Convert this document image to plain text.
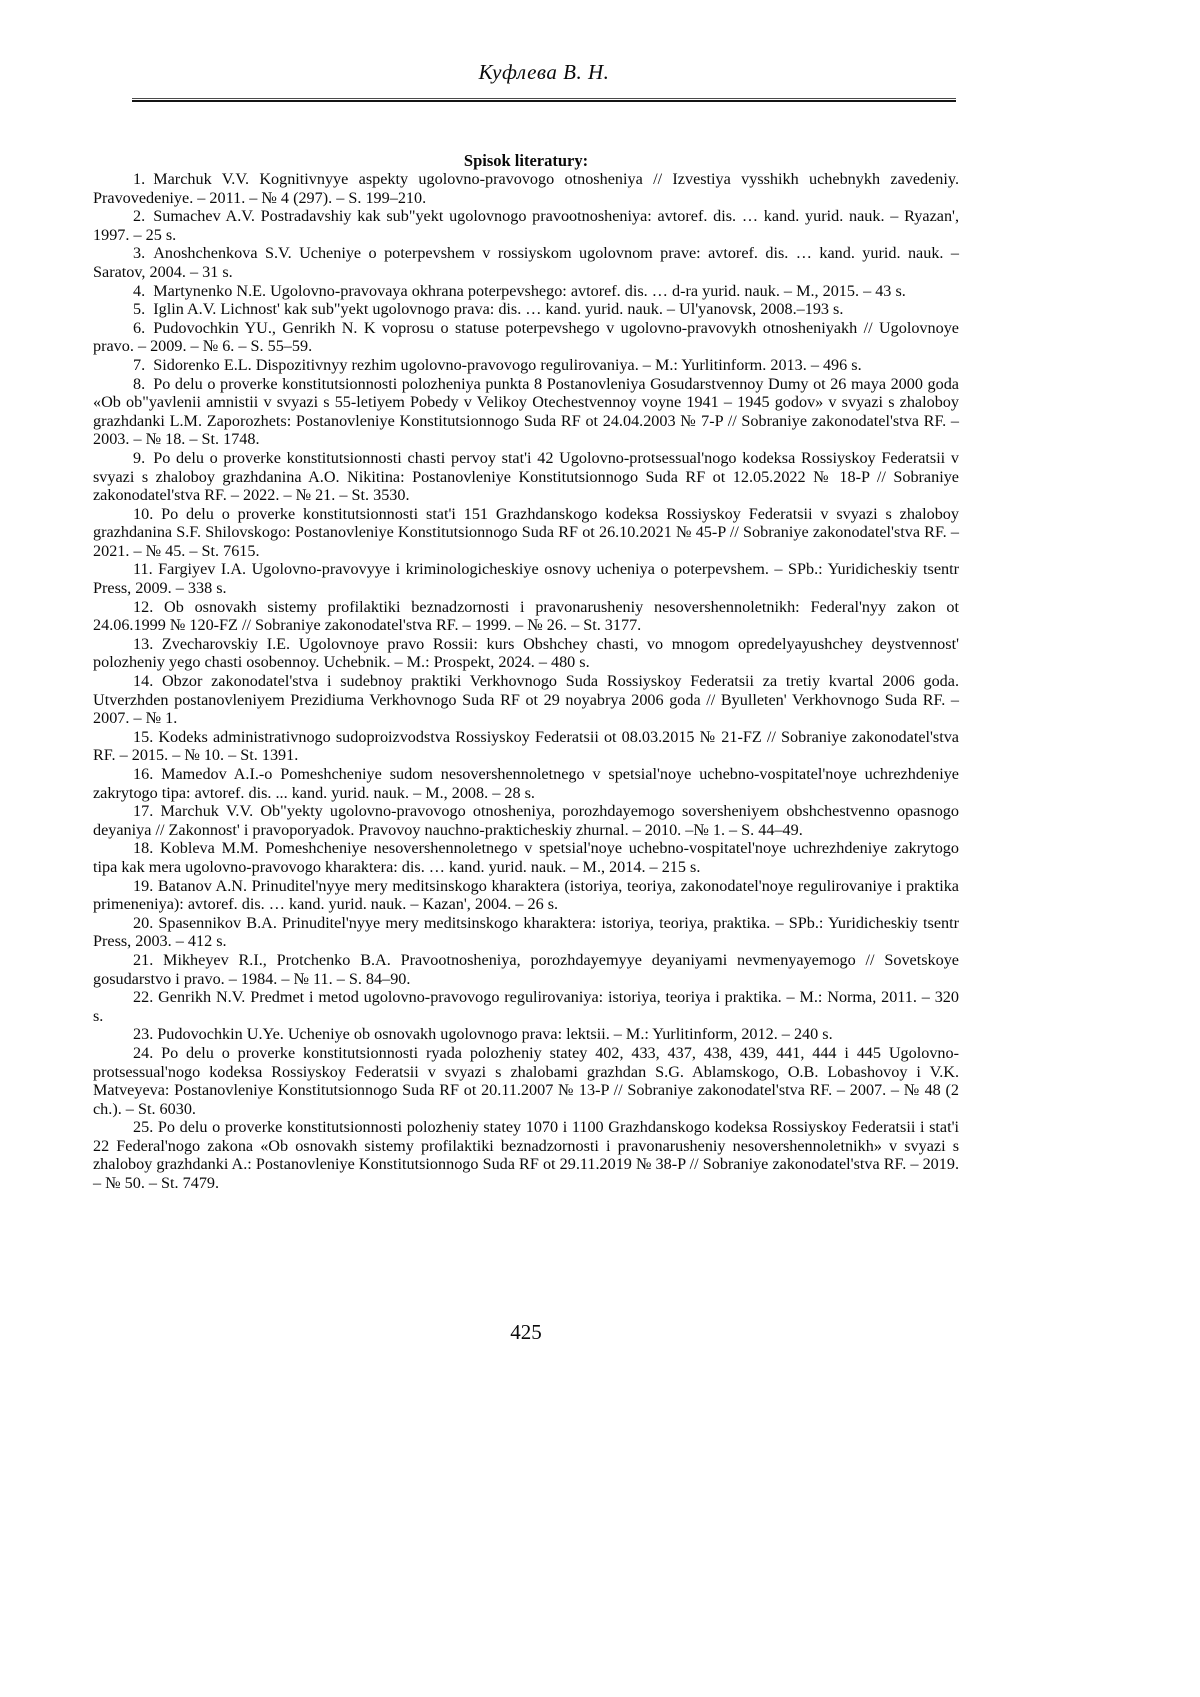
Куфлева В. Н.

Spisok literatury:

1. Marchuk V.V. Kognitivnyye aspekty ugolovno-pravovogo otnosheniya // Izvestiya vysshikh uchebnykh zavedeniy. Pravovedeniye. – 2011. – № 4 (297). – S. 199–210.

2. Sumachev A.V. Postradavshiy kak sub"yekt ugolovnogo pravootnosheniya: avtoref. dis. … kand. yurid. nauk. – Ryazan', 1997. – 25 s.

3. Anoshchenkova S.V. Ucheniye o poterpevshem v rossiyskom ugolovnom prave: avtoref. dis. … kand. yurid. nauk. – Saratov, 2004. – 31 s.

4. Martynenko N.E. Ugolovno-pravovaya okhrana poterpevshego: avtoref. dis. … d-ra yurid. nauk. – M., 2015. – 43 s.

5. Iglin A.V. Lichnost' kak sub"yekt ugolovnogo prava: dis. … kand. yurid. nauk. – Ul'yanovsk, 2008.–193 s.

6. Pudovochkin YU., Genrikh N. K voprosu o statuse poterpevshego v ugolovno-pravovykh otnosheniyakh // Ugolovnoye pravo. – 2009. – № 6. – S. 55–59.

7. Sidorenko E.L. Dispozitivnyy rezhim ugolovno-pravovogo regulirovaniya. – M.: Yurlitinform. 2013. – 496 s.

8. Po delu o proverke konstitutsionnosti polozheniya punkta 8 Postanovleniya Gosudarstvennoy Dumy ot 26 maya 2000 goda «Ob ob"yavlenii amnistii v svyazi s 55-letiyem Pobedy v Velikoy Otechestvennoy voyne 1941 – 1945 godov» v svyazi s zhaloboy grazhdanki L.M. Zaporozhets: Postanovleniye Konstitutsionnogo Suda RF ot 24.04.2003 № 7-P // Sobraniye zakonodatel'stva RF. – 2003. – № 18. – St. 1748.

9. Po delu o proverke konstitutsionnosti chasti pervoy stat'i 42 Ugolovno-protsessual'nogo kodeksa Rossiyskoy Federatsii v svyazi s zhaloboy grazhdanina A.O. Nikitina: Postanovleniye Konstitutsionnogo Suda RF ot 12.05.2022 № 18-P // Sobraniye zakonodatel'stva RF. – 2022. – № 21. – St. 3530.

10. Po delu o proverke konstitutsionnosti stat'i 151 Grazhdanskogo kodeksa Rossiyskoy Federatsii v svyazi s zhaloboy grazhdanina S.F. Shilovskogo: Postanovleniye Konstitutsionnogo Suda RF ot 26.10.2021 № 45-P // Sobraniye zakonodatel'stva RF. – 2021. – № 45. – St. 7615.

11. Fargiyev I.A. Ugolovno-pravovyye i kriminologicheskiye osnovy ucheniya o poterpevshem. – SPb.: Yuridicheskiy tsentr Press, 2009. – 338 s.

12. Ob osnovakh sistemy profilaktiki beznadzornosti i pravonarusheniy nesovershennoletnikh: Federal'nyy zakon ot 24.06.1999 № 120-FZ // Sobraniye zakonodatel'stva RF. – 1999. – № 26. – St. 3177.

13. Zvecharovskiy I.E. Ugolovnoye pravo Rossii: kurs Obshchey chasti, vo mnogom opredelyayushchey deystvennost' polozheniy yego chasti osobennoy. Uchebnik. – M.: Prospekt, 2024. – 480 s.

14. Obzor zakonodatel'stva i sudebnoy praktiki Verkhovnogo Suda Rossiyskoy Federatsii za tretiy kvartal 2006 goda. Utverzhden postanovleniyem Prezidiuma Verkhovnogo Suda RF ot 29 noyabrya 2006 goda // Byulleten' Verkhovnogo Suda RF. – 2007. – № 1.

15. Kodeks administrativnogo sudoproizvodstva Rossiyskoy Federatsii ot 08.03.2015 № 21-FZ // Sobraniye zakonodatel'stva RF. – 2015. – № 10. – St. 1391.

16. Mamedov A.I.-o Pomeshcheniye sudom nesovershennoletnego v spetsial'noye uchebno-vospitatel'noye uchrezhdeniye zakrytogo tipa: avtoref. dis. ... kand. yurid. nauk. – M., 2008. – 28 s.

17. Marchuk V.V. Ob"yekty ugolovno-pravovogo otnosheniya, porozhdayemogo soversheniyem obshchestvenno opasnogo deyaniya // Zakonnost' i pravoporyadok. Pravovoy nauchno-prakticheskiy zhurnal. – 2010. –№ 1. – S. 44–49.

18. Kobleva M.M. Pomeshcheniye nesovershennoletnego v spetsial'noye uchebno-vospitatel'noye uchrezhdeniye zakrytogo tipa kak mera ugolovno-pravovogo kharaktera: dis. … kand. yurid. nauk. – M., 2014. – 215 s.

19. Batanov A.N. Prinuditel'nyye mery meditsinskogo kharaktera (istoriya, teoriya, zakonodatel'noye regulirovaniye i praktika primeneniya): avtoref. dis. … kand. yurid. nauk. – Kazan', 2004. – 26 s.

20. Spasennikov B.A. Prinuditel'nyye mery meditsinskogo kharaktera: istoriya, teoriya, praktika. – SPb.: Yuridicheskiy tsentr Press, 2003. – 412 s.

21. Mikheyev R.I., Protchenko B.A. Pravootnosheniya, porozhdayemyye deyaniyami nevmenyayemogo // Sovetskoye gosudarstvo i pravo. – 1984. – № 11. – S. 84–90.

22. Genrikh N.V. Predmet i metod ugolovno-pravovogo regulirovaniya: istoriya, teoriya i praktika. – M.: Norma, 2011. – 320 s.

23. Pudovochkin U.Ye. Ucheniye ob osnovakh ugolovnogo prava: lektsii. – M.: Yurlitinform, 2012. – 240 s.

24. Po delu o proverke konstitutsionnosti ryada polozheniy statey 402, 433, 437, 438, 439, 441, 444 i 445 Ugolovno-protsessual'nogo kodeksa Rossiyskoy Federatsii v svyazi s zhalobami grazhdan S.G. Ablamskogo, O.B. Lobashovoy i V.K. Matveyeva: Postanovleniye Konstitutsionnogo Suda RF ot 20.11.2007 № 13-P // Sobraniye zakonodatel'stva RF. – 2007. – № 48 (2 ch.). – St. 6030.

25. Po delu o proverke konstitutsionnosti polozheniy statey 1070 i 1100 Grazhdanskogo kodeksa Rossiyskoy Federatsii i stat'i 22 Federal'nogo zakona «Ob osnovakh sistemy profilaktiki beznadzornosti i pravonarusheniy nesovershennoletnikh» v svyazi s zhaloboy grazhdanki A.: Postanovleniye Konstitutsionnogo Suda RF ot 29.11.2019 № 38-P // Sobraniye zakonodatel'stva RF. – 2019. – № 50. – St. 7479.

425
